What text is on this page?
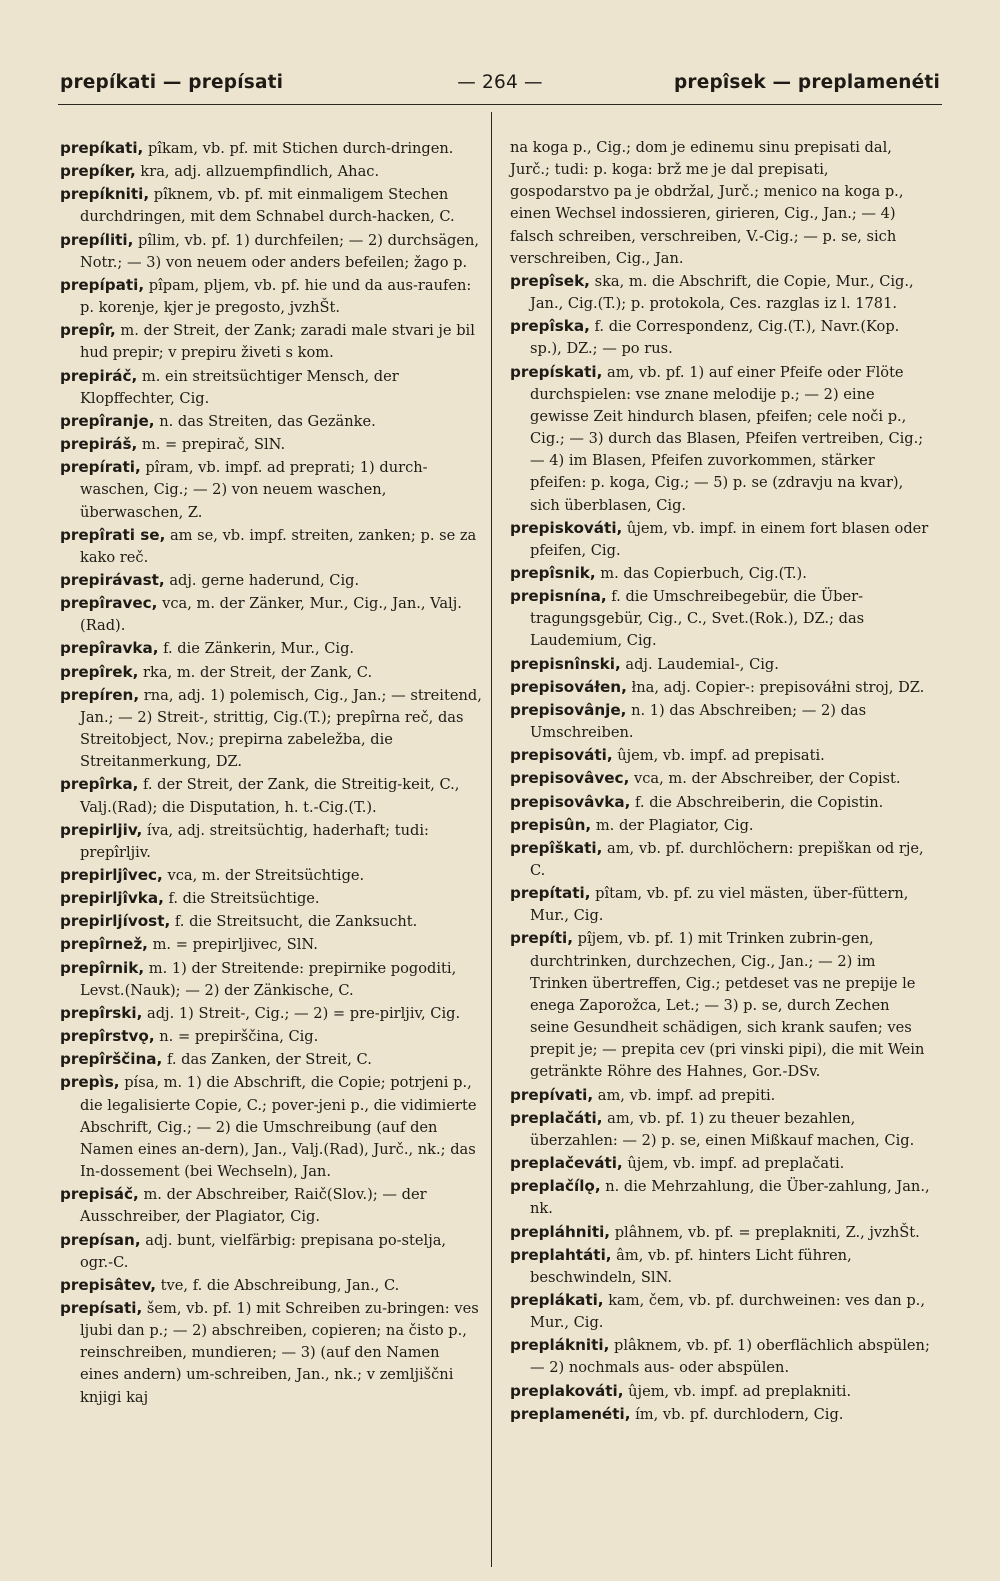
prepíkati — prepísati	— 264 —	prepîsek — preplamenéti

prepíkati, pîkam, vb. pf. mit Stichen durch-dringen.

prepíker, kra, adj. allzuempfindlich, Ahac.

prepíkniti, pîknem, vb. pf. mit einmaligem Stechen durchdringen, mit dem Schnabel durch-hacken, C.

prepíliti, pîlim, vb. pf. 1) durchfeilen; — 2) durchsägen, Notr.; — 3) von neuem oder anders befeilen; žago p.

prepípati, pîpam, pljem, vb. pf. hie und da aus-raufen: p. korenje, kjer je pregosto, jvzhŠt.

prepîr, m. der Streit, der Zank; zaradi male stvari je bil hud prepir; v prepiru živeti s kom.

prepiráč, m. ein streitsüchtiger Mensch, der Klopffechter, Cig.

prepîranje, n. das Streiten, das Gezänke.

prepiráš, m. = prepirač, SlN.

prepírati, pîram, vb. impf. ad preprati; 1) durch-waschen, Cig.; — 2) von neuem waschen, überwaschen, Z.

prepîrati se, am se, vb. impf. streiten, zanken; p. se za kako reč.

prepirávast, adj. gerne haderund, Cig.

prepîravec, vca, m. der Zänker, Mur., Cig., Jan., Valj.(Rad).

prepîravka, f. die Zänkerin, Mur., Cig.

prepîrek, rka, m. der Streit, der Zank, C.

prepíren, rna, adj. 1) polemisch, Cig., Jan.; — streitend, Jan.; — 2) Streit-, strittig, Cig.(T.); prepîrna reč, das Streitobject, Nov.; prepirna zabeležba, die Streitanmerkung, DZ.

prepîrka, f. der Streit, der Zank, die Streitig-keit, C., Valj.(Rad); die Disputation, h. t.-Cig.(T.).

prepirljiv, íva, adj. streitsüchtig, haderhaft; tudi: prepîrljiv.

prepirljîvec, vca, m. der Streitsüchtige.

prepirljîvka, f. die Streitsüchtige.

prepirljívost, f. die Streitsucht, die Zanksucht.

prepîrnež, m. = prepirljivec, SlN.

prepîrnik, m. 1) der Streitende: prepirnike pogoditi, Levst.(Nauk); — 2) der Zänkische, C.

prepîrski, adj. 1) Streit-, Cig.; — 2) = pre-pirljiv, Cig.

prepîrstvǫ, n. = prepirščina, Cig.

prepîrščina, f. das Zanken, der Streit, C.

prepìs, písa, m. 1) die Abschrift, die Copie; potrjeni p., die legalisierte Copie, C.; pover-jeni p., die vidimierte Abschrift, Cig.; — 2) die Umschreibung (auf den Namen eines an-dern), Jan., Valj.(Rad), Jurč., nk.; das In-dossement (bei Wechseln), Jan.

prepisáč, m. der Abschreiber, Raič(Slov.); — der Ausschreiber, der Plagiator, Cig.

prepísan, adj. bunt, vielfärbig: prepisana po-stelja, ogr.-C.

prepisâtev, tve, f. die Abschreibung, Jan., C.

prepísati, šem, vb. pf. 1) mit Schreiben zu-bringen: ves ljubi dan p.; — 2) abschreiben, copieren; na čisto p., reinschreiben, mundieren; — 3) (auf den Namen eines andern) um-schreiben, Jan., nk.; v zemljiščni knjigi kaj

na koga p., Cig.; dom je edinemu sinu prepisati dal, Jurč.; tudi: p. koga: brž me je dal prepisati, gospodarstvo pa je obdržal, Jurč.; menico na koga p., einen Wechsel indossieren, girieren, Cig., Jan.; — 4) falsch schreiben, verschreiben, V.-Cig.; — p. se, sich verschreiben, Cig., Jan.

prepîsek, ska, m. die Abschrift, die Copie, Mur., Cig., Jan., Cig.(T.); p. protokola, Ces. razglas iz l. 1781.

prepîska, f. die Correspondenz, Cig.(T.), Navr.(Kop. sp.), DZ.; — po rus.

prepískati, am, vb. pf. 1) auf einer Pfeife oder Flöte durchspielen: vse znane melodije p.; — 2) eine gewisse Zeit hindurch blasen, pfeifen; cele noči p., Cig.; — 3) durch das Blasen, Pfeifen vertreiben, Cig.; — 4) im Blasen, Pfeifen zuvorkommen, stärker pfeifen: p. koga, Cig.; — 5) p. se (zdravju na kvar), sich überblasen, Cig.

prepiskováti, ûjem, vb. impf. in einem fort blasen oder pfeifen, Cig.

prepîsnik, m. das Copierbuch, Cig.(T.).

prepisnína, f. die Umschreibegebür, die Über-tragungsgebür, Cig., C., Svet.(Rok.), DZ.; das Laudemium, Cig.

prepisnînski, adj. Laudemial-, Cig.

prepisováłen, łna, adj. Copier-: prepisováłni stroj, DZ.

prepisovânje, n. 1) das Abschreiben; — 2) das Umschreiben.

prepisováti, ûjem, vb. impf. ad prepisati.

prepisovâvec, vca, m. der Abschreiber, der Copist.

prepisovâvka, f. die Abschreiberin, die Copistin.

prepisûn, m. der Plagiator, Cig.

prepîškati, am, vb. pf. durchlöchern: prepiškan od rje, C.

prepítati, pîtam, vb. pf. zu viel mästen, über-füttern, Mur., Cig.

prepíti, pîjem, vb. pf. 1) mit Trinken zubrin-gen, durchtrinken, durchzechen, Cig., Jan.; — 2) im Trinken übertreffen, Cig.; petdeset vas ne prepije le enega Zaporožca, Let.; — 3) p. se, durch Zechen seine Gesundheit schädigen, sich krank saufen; ves prepit je; — prepita cev (pri vinski pipi), die mit Wein getränkte Röhre des Hahnes, Gor.-DSv.

prepívati, am, vb. impf. ad prepiti.

preplačáti, am, vb. pf. 1) zu theuer bezahlen, überzahlen: — 2) p. se, einen Mißkauf machen, Cig.

preplačeváti, ûjem, vb. impf. ad preplačati.

preplačílǫ, n. die Mehrzahlung, die Über-zahlung, Jan., nk.

prepláhniti, plâhnem, vb. pf. = preplakniti, Z., jvzhŠt.

preplahtáti, âm, vb. pf. hinters Licht führen, beschwindeln, SlN.

preplákati, kam, čem, vb. pf. durchweinen: ves dan p., Mur., Cig.

preplákniti, plâknem, vb. pf. 1) oberflächlich abspülen; — 2) nochmals aus- oder abspülen.

preplakováti, ûjem, vb. impf. ad preplakniti.

preplamenéti, ím, vb. pf. durchlodern, Cig.
